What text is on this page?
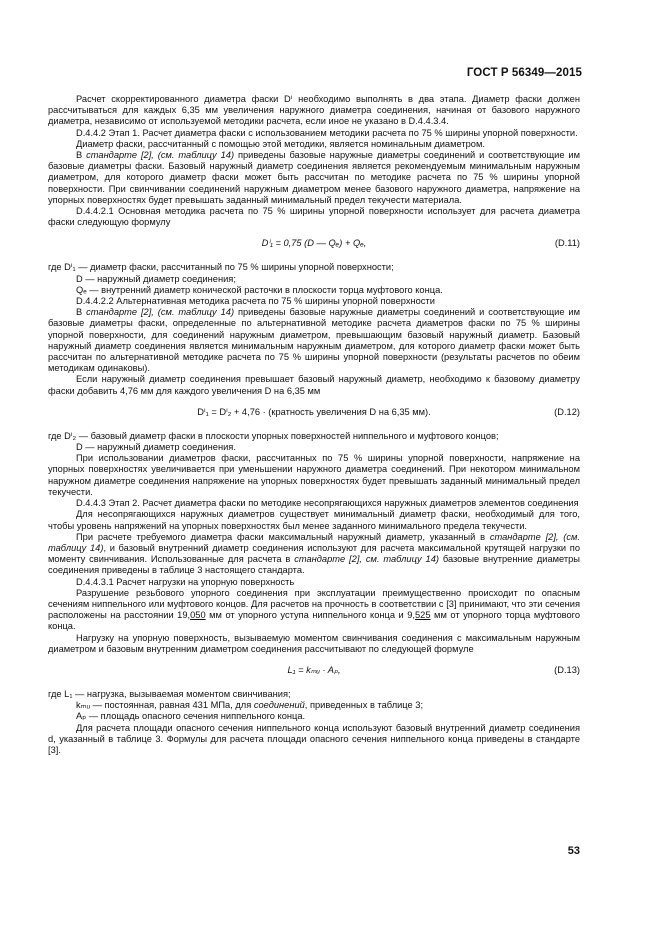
ГОСТ Р 56349—2015

Расчет скорректированного диаметра фаски Dⁱ необходимо выполнять в два этапа. Диаметр фаски должен рассчитываться для каждых 6,35 мм увеличения наружного диаметра соединения, начиная от базового наружного диаметра, независимо от используемой методики расчета, если иное не указано в D.4.4.3.4.

D.4.4.2 Этап 1. Расчет диаметра фаски с использованием методики расчета по 75 % ширины упорной поверхности.

Диаметр фаски, рассчитанный с помощью этой методики, является номинальным диаметром.

В стандарте [2], (см. таблицу 14) приведены базовые наружные диаметры соединений и соответствующие им базовые диаметры фаски. Базовый наружный диаметр соединения является рекомендуемым минимальным наружным диаметром, для которого диаметр фаски может быть рассчитан по методике расчета по 75 % ширины упорной поверхности. При свинчивании соединений наружным диаметром менее базового наружного диаметра, напряжение на упорных поверхностях будет превышать заданный минимальный предел текучести материала.

D.4.4.2.1 Основная методика расчета по 75 % ширины упорной поверхности использует для расчета диаметра фаски следующую формулу

Dⁱ₁ = 0,75 (D — Qₑ) + Qₑ,	(D.11)

где Dⁱ₁ — диаметр фаски, рассчитанный по 75 % ширины упорной поверхности;

D — наружный диаметр соединения;

Qₑ — внутренний диаметр конической расточки в плоскости торца муфтового конца.

D.4.4.2.2 Альтернативная методика расчета по 75 % ширины упорной поверхности

В стандарте [2], (см. таблицу 14) приведены базовые наружные диаметры соединений и соответствующие им базовые диаметры фаски, определенные по альтернативной методике расчета диаметров фаски по 75 % ширины упорной поверхности, для соединений наружным диаметром, превышающим базовый наружный диаметр. Базовый наружный диаметр соединения является минимальным наружным диаметром, для которого диаметр фаски может быть рассчитан по альтернативной методике расчета по 75 % ширины упорной поверхности (результаты расчетов по обеим методикам одинаковы).

Если наружный диаметр соединения превышает базовый наружный диаметр, необходимо к базовому диаметру фаски добавить 4,76 мм для каждого увеличения D на 6,35 мм

Dⁱ₁ = Dⁱ₂ + 4,76 · (кратность увеличения D на 6,35 мм).	(D.12)

где Dⁱ₂ — базовый диаметр фаски в плоскости упорных поверхностей ниппельного и муфтового концов;

D — наружный диаметр соединения.

При использовании диаметров фаски, рассчитанных по 75 % ширины упорной поверхности, напряжение на упорных поверхностях увеличивается при уменьшении наружного диаметра соединений. При некотором минимальном наружном диаметре соединения напряжение на упорных поверхностях будет превышать заданный минимальный предел текучести.

D.4.4.3 Этап 2. Расчет диаметра фаски по методике несопрягающихся наружных диаметров элементов соединения

Для несопрягающихся наружных диаметров существует минимальный диаметр фаски, необходимый для того, чтобы уровень напряжений на упорных поверхностях был менее заданного минимального предела текучести.

При расчете требуемого диаметра фаски максимальный наружный диаметр, указанный в стандарте [2], (см. таблицу 14), и базовый внутренний диаметр соединения используют для расчета максимальной крутящей нагрузки по моменту свинчивания. Использованные для расчета в стандарте [2], см. таблицу 14) базовые внутренние диаметры соединения приведены в таблице 3 настоящего стандарта.

D.4.4.3.1 Расчет нагрузки на упорную поверхность

Разрушение резьбового упорного соединения при эксплуатации преимущественно происходит по опасным сечениям ниппельного или муфтового концов. Для расчетов на прочность в соответствии с [3] принимают, что эти сечения расположены на расстоянии 19,050 мм от упорного уступа ниппельного конца и 9,525 мм от упорного торца муфтового конца.

Нагрузку на упорную поверхность, вызываемую моментом свинчивания соединения с максимальным наружным диаметром и базовым внутренним диаметром соединения рассчитывают по следующей формуле

L₁ = kₘᵤ · Aₚ,	(D.13)

где L₁ — нагрузка, вызываемая моментом свинчивания;

kₘᵤ — постоянная, равная 431 МПа, для соединений, приведенных в таблице 3;

Aₚ — площадь опасного сечения ниппельного конца.

Для расчета площади опасного сечения ниппельного конца используют базовый внутренний диаметр соединения d, указанный в таблице 3. Формулы для расчета площади опасного сечения ниппельного конца приведены в стандарте [3].

53
